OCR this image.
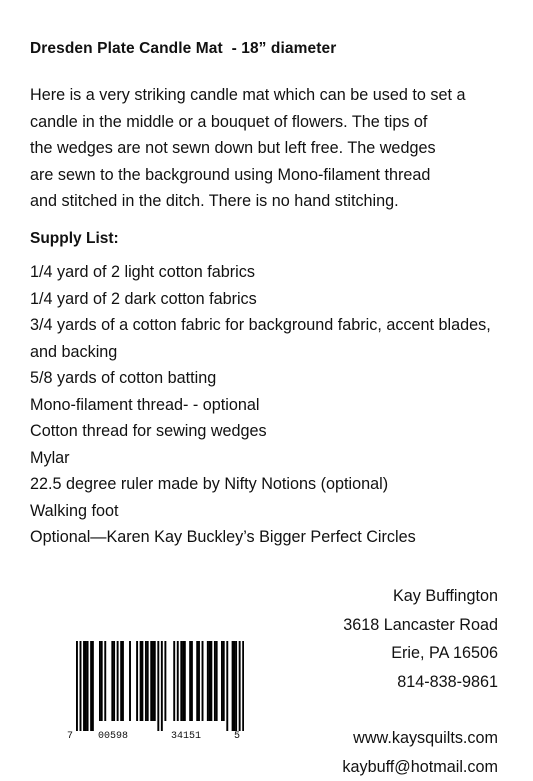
Dresden Plate Candle Mat  - 18” diameter
Here is a very striking candle mat which can be used to set a
candle in the middle or a bouquet of flowers. The tips of
the wedges are not sewn down but left free. The wedges
are sewn to the background using Mono-filament thread
and stitched in the ditch. There is no hand stitching.
Supply List:
1/4 yard of 2 light cotton fabrics
1/4 yard of 2 dark cotton fabrics
3/4 yards of a cotton fabric for background fabric, accent blades, and backing
5/8 yards of cotton batting
Mono-filament thread- - optional
Cotton thread for sewing wedges
Mylar
22.5 degree ruler made by Nifty Notions (optional)
Walking foot
Optional—Karen Kay Buckley’s Bigger Perfect Circles
Kay Buffington
3618 Lancaster Road
Erie, PA 16506
814-838-9861
www.kaysquilts.com
kaybuff@hotmail.com
7 00598	34151	5
